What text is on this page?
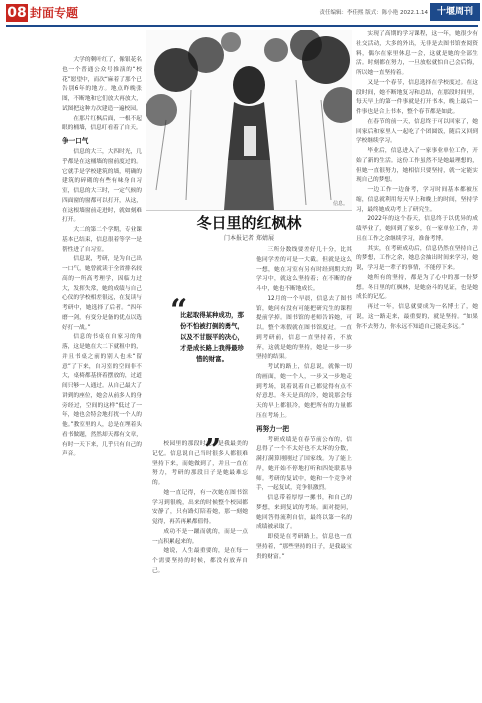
08 封面专题	责任编辑：李佳熙 版式：陈小艳 2022.1.14 十堰周刊

大学的剩叶红了，像银花名也一个普通公众号推演的“校花”愿望中，而次“麻着了那个已告别6年的地方。地点昨晚张图，不断地和它们放大再放大，试图把这种力次建造一遍校园。

在那片红枫后面，一根不起眼的桶墙，信息叮看着了自天。

争一口气

信息的大三，大四时光，几乎都是在这桶墙的窗前度过的。它就手是学校建筑的墙，明确的建筑的碎砌的有些有味身自习室，信息的大三时，一定气候的四面窗的窗都可以打开，从这，在这根墙窗前走进时，就如刻难打开。

大二的第二个学期，专业课基本已结束，信息很着等学一是帮性进了自习室。

信息说，考研，是为自己出一口气，她曾就读于全省排名较高的一所高考理学，因临力过大，发挥失常，她的成绩与自己心仪的学校相差很远，在复读与考研中，她选择了后者。“四年磨一剑，有变分是备的优点以选好打一战。”

信息的书桌在自家习的角落，这是她在大二下就租中的，并且书桌之前的别人也未“留意”了下来，自习室的空间非不大，桌椅都基挤着摆放的，过道间只够一人通过。从自己最大了讲到的座位，她会从前多人的身旁经过，空间的这样“低过了一年，她也会特会地打扰一个人的他。”教室里的人，总是在埋着头看书做题，然然却天都有文章，有时一天下来，几乎只有自己的声音。

信息。
冬日里的红枫林
门本报记者 郑婧展

校园里的那段时光，是我最美的记忆。信息说自己当时很多人都很难坚持下来，而她做到了，并且一直在努力，考研的那段日子是她最难忘的。

她一直记得，有一次她在图书馆学习到很晚，出来的时候整个校园都安静了，只有路灯陪着她，那一刻她觉得，再苦再累都值得。

成功不是一蹴而就的，而是一点一点积累起来的。

她说，人生最重要的，是在每一个需要坚持的时候，都没有放弃自己。

“
比起取得某种成功，那份不怕被打倒的勇气，以及不甘服平的决心，才是成长路上我得最珍惜的财富。
”

三所分数线要差好几十分，比其他同学差的可是一大截。但就是这么一想，她在习室有另有时经到期大的学习中，就这么坚持着；在不断的奋斗中，她也不断地成长。

12月的一个早晨，信息去了图书馆，她问有没有可能把研究生的课程提前学掉。图书馆的老师告诉她，可以。整个寒假就在图书馆度过。一直到考研前，信息一直坚持着，不放弃，这就是她的坚持，她是一步一步坚持的结果。

考试的路上，信息说，就像一切的画面，她一个人，一步又一步地走到考场，说着说着自己都觉得有点不好意思。冬天是真的冷，她说那会每天的早上都很冷，她把所有的力量都压在考场上。

再努力一把

考研成绩是在春节前公布的，信息得了一个不太好也不太坏的分数，满打满算刚刚过了国家线。为了能上岸，她开始不停地打听和四处联系导师。考研的复试中，她和一个竞争对手，一起复试，竞争很激烈。

信息带着厚厚一摞书，和自己的梦想，来到复试的考场。面对提问，她回答得流利自信，最终以第一名的成绩被录取了。

即使是在考研路上，信息也一直坚持着，“那些坚持的日子，是我最宝贵的财富。”

实现了高期的学习课程，这一年，她很少有社交活动，大多的外出，无非是去图书馆查阅资料，偶尔在家里休息一会，这就是她的全部生活。时刻都在努力，一旦放松就怕自己会后悔，所以她一直坚持着。

又是一个春节，信息选择在学校度过。在这段时间，她不断地复习和总结，在那段时间里，每天早上的第一件事就是打开书本，晚上最后一件事也是合上书本，整个春节都是如此。

在春节的前一天，信息终于可以回家了，她回家后和家里人一起吃了个团圆饭，随后又回到学校继续学习。

毕业后，信息进入了一家事业单位工作，开始了新的生活。这份工作虽然不是她最理想的，但她一直很努力，她相信只要坚持，就一定能实现自己的梦想。

一边工作一边备考，学习时间基本都被压缩，信息就利用每天早上和晚上的时间，坚持学习，最终她成功考上了研究生。

2022年的这个春天，信息终于以优异的成绩毕业了，她回到了家乡，在一家单位工作，并且在工作之余继续学习，准备考博。

其实，在考研成功后，信息仍然在坚持自己的梦想，工作之余，她总会抽出时间来学习，她说，学习是一辈子的事情，不能停下来。

她所有的坚持，都是为了心中的那一份梦想。冬日里的红枫林，是她奋斗的见证，也是她成长的记忆。

再过一年，信息就要成为一名博士了，她说，这一路走来，最重要的，就是坚持。“如果你不去努力，你永远不知道自己能走多远。”
